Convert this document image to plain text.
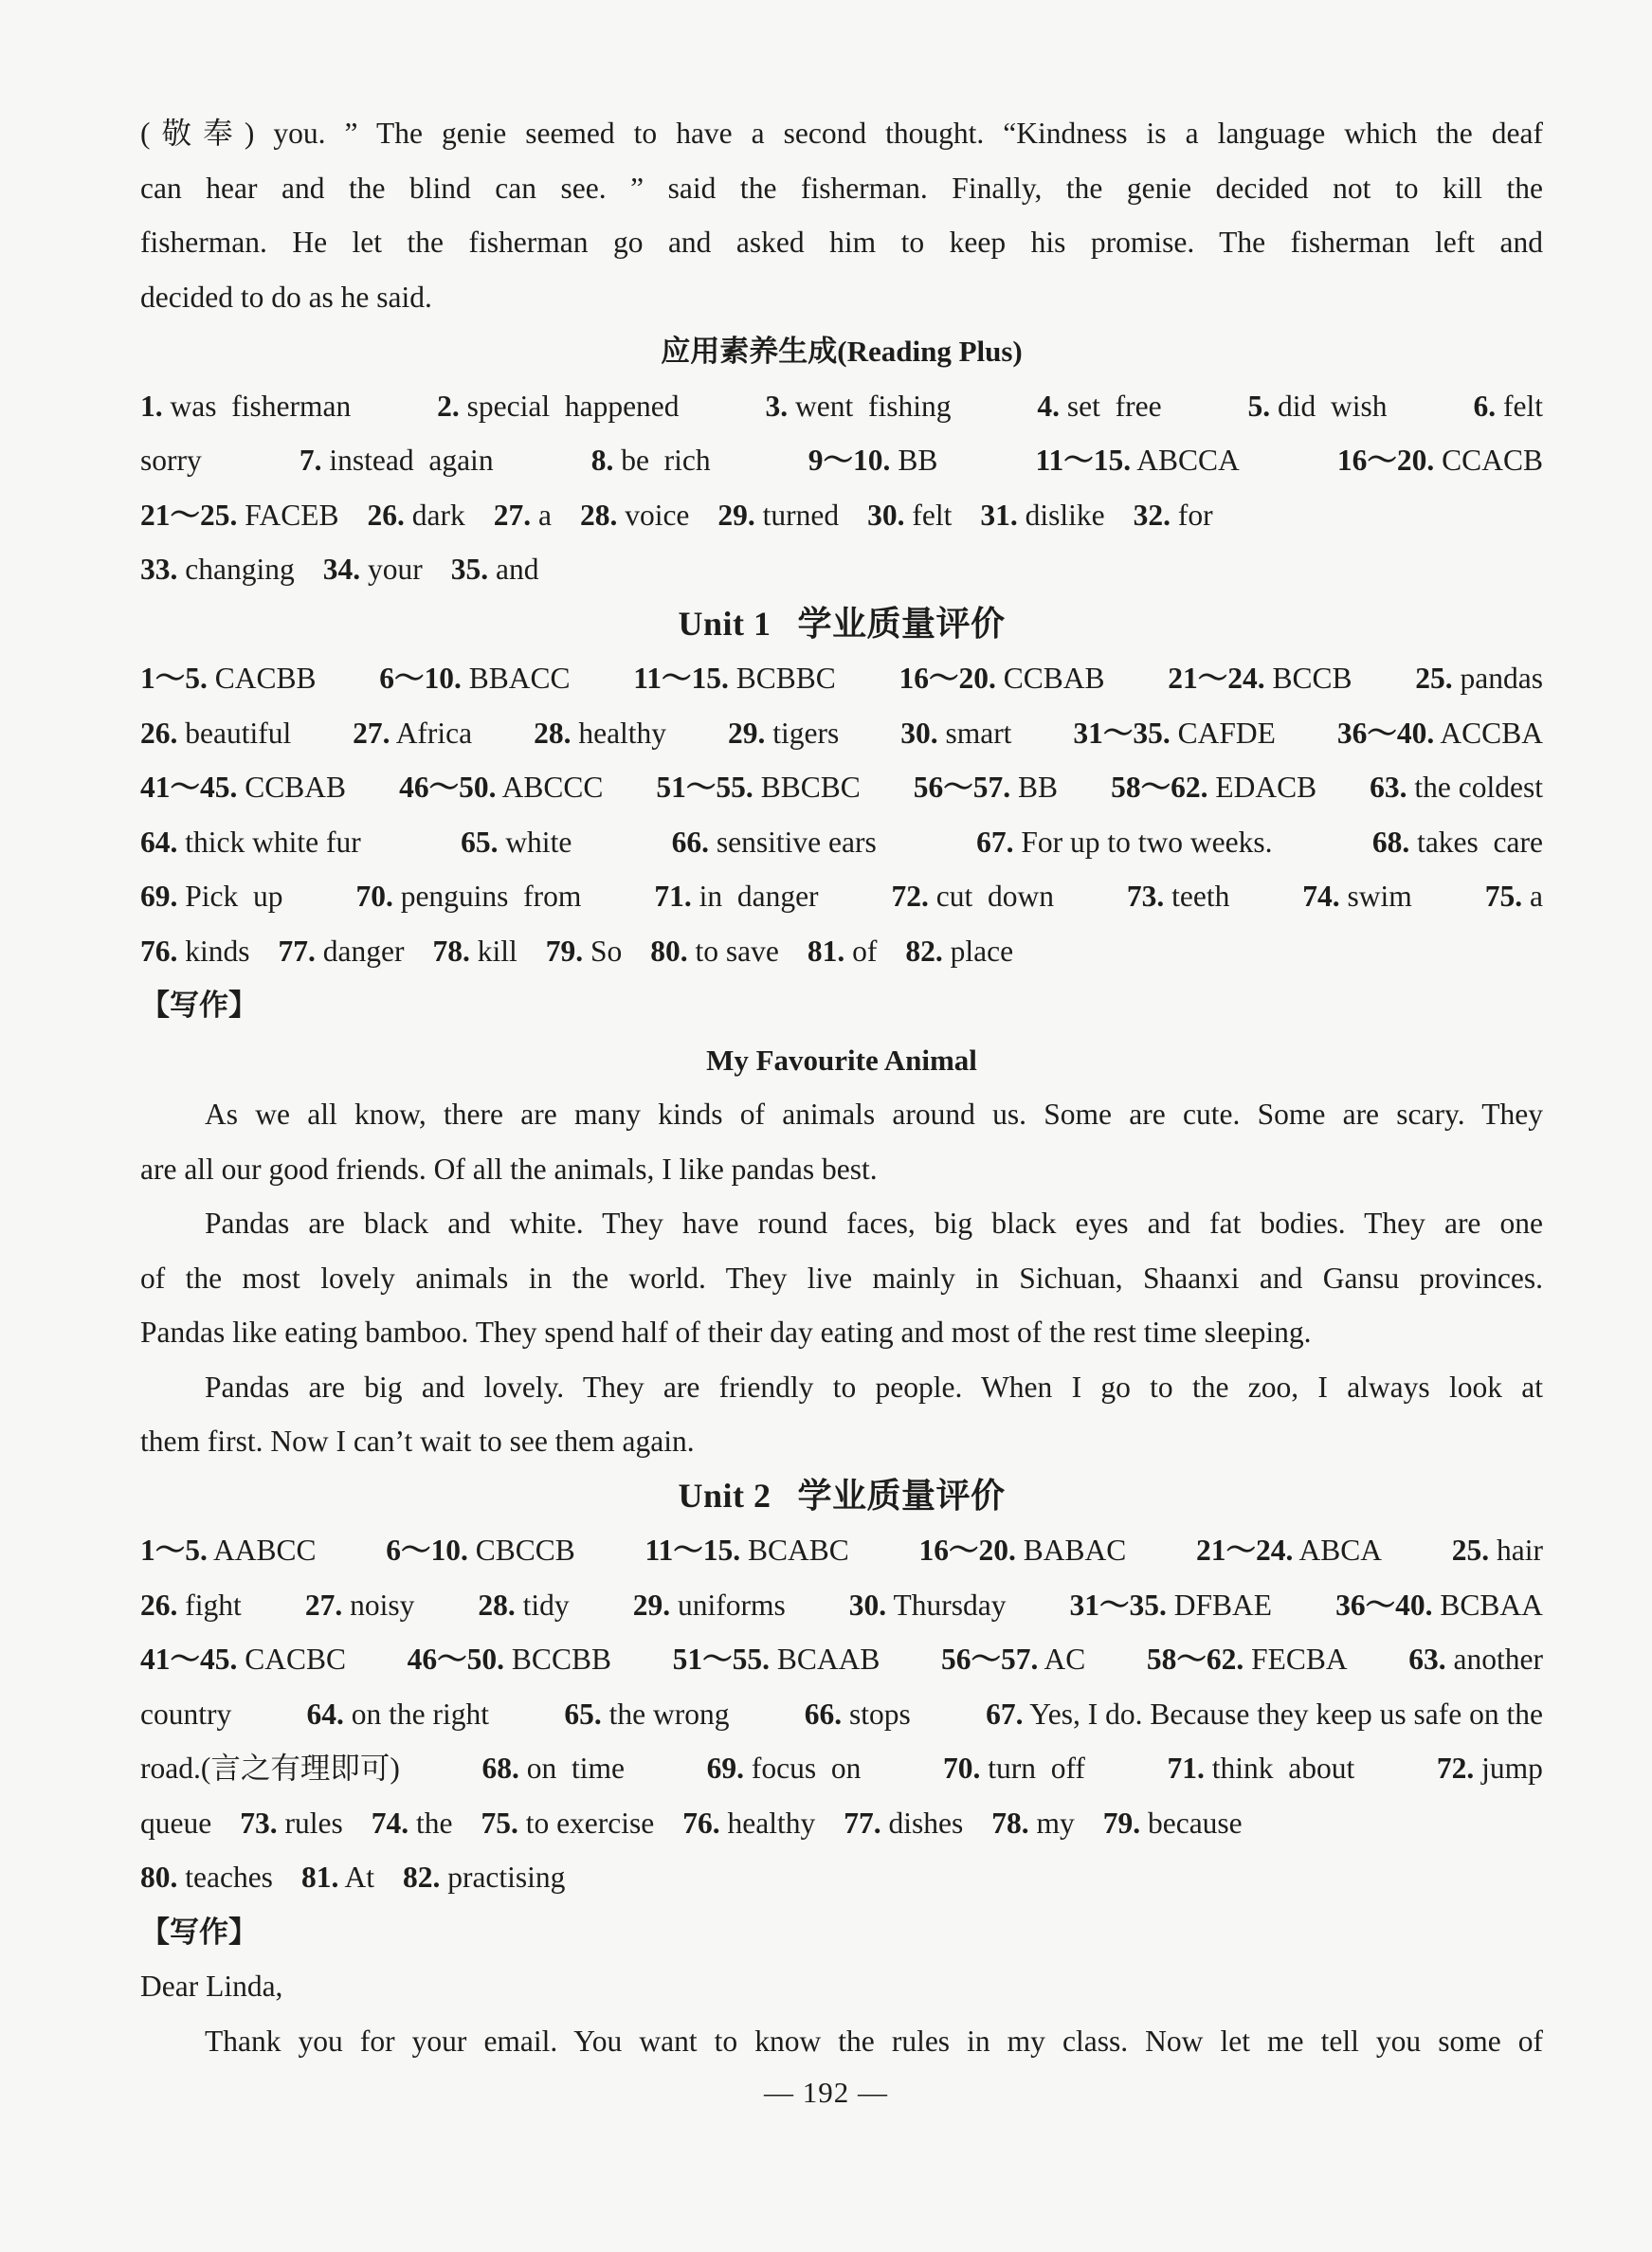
(敬奉) you. ” The genie seemed to have a second thought. “Kindness is a language which the deaf

can hear and the blind can see. ” said the fisherman. Finally, the genie decided not to kill the

fisherman. He let the fisherman go and asked him to keep his promise. The fisherman left and

decided to do as he said.

应用素养生成(Reading Plus)

1. was  fisherman	2. special  happened	3. went  fishing	4. set  free	5. did  wish	6. felt
sorry	7. instead  again	8. be  rich	9～10. BB	11～15. ABCCA	16～20. CCACB
21～25. FACEB 26. dark 27. a 28. voice 29. turned 30. felt 31. dislike 32. for
33. changing 34. your 35. and

Unit 1 学业质量评价

1～5. CACBB 6～10. BBACC 11～15. BCBBC 16～20. CCBAB 21～24. BCCB 25. pandas
26. beautiful 27. Africa 28. healthy 29. tigers 30. smart 31～35. CAFDE 36～40. ACCBA
41～45. CCBAB 46～50. ABCCC 51～55. BBCBC 56～57. BB 58～62. EDACB 63. the coldest
64. thick white fur	65. white	66. sensitive ears	67. For up to two weeks.	68. takes  care
69. Pick  up 70. penguins  from 71. in  danger 72. cut  down 73. teeth 74. swim 75. a
76. kinds 77. danger 78. kill 79. So 80. to save 81. of 82. place

【写作】

My Favourite Animal

As we all know, there are many kinds of animals around us. Some are cute. Some are scary. They

are all our good friends. Of all the animals, I like pandas best.

Pandas are black and white. They have round faces, big black eyes and fat bodies. They are one

of the most lovely animals in the world. They live mainly in Sichuan, Shaanxi and Gansu provinces.

Pandas like eating bamboo. They spend half of their day eating and most of the rest time sleeping.

Pandas are big and lovely. They are friendly to people. When I go to the zoo, I always look at

them first. Now I can’t wait to see them again.

Unit 2 学业质量评价

1～5. AABCC 6～10. CBCCB 11～15. BCABC 16～20. BABAC 21～24. ABCA 25. hair
26. fight 27. noisy 28. tidy 29. uniforms 30. Thursday 31～35. DFBAE 36～40. BCBAA
41～45. CACBC 46～50. BCCBB 51～55. BCAAB 56～57. AC 58～62. FECBA 63. another
country	64. on the right	65. the wrong	66. stops	67. Yes, I do. Because they keep us safe on the
road.(言之有理即可)	68. on  time	69. focus  on	70. turn  off	71. think  about	72. jump
queue 73. rules 74. the 75. to exercise 76. healthy 77. dishes 78. my 79. because
80. teaches 81. At 82. practising

【写作】

Dear Linda,

Thank you for your email. You want to know the rules in my class. Now let me tell you some of

— 192 —
